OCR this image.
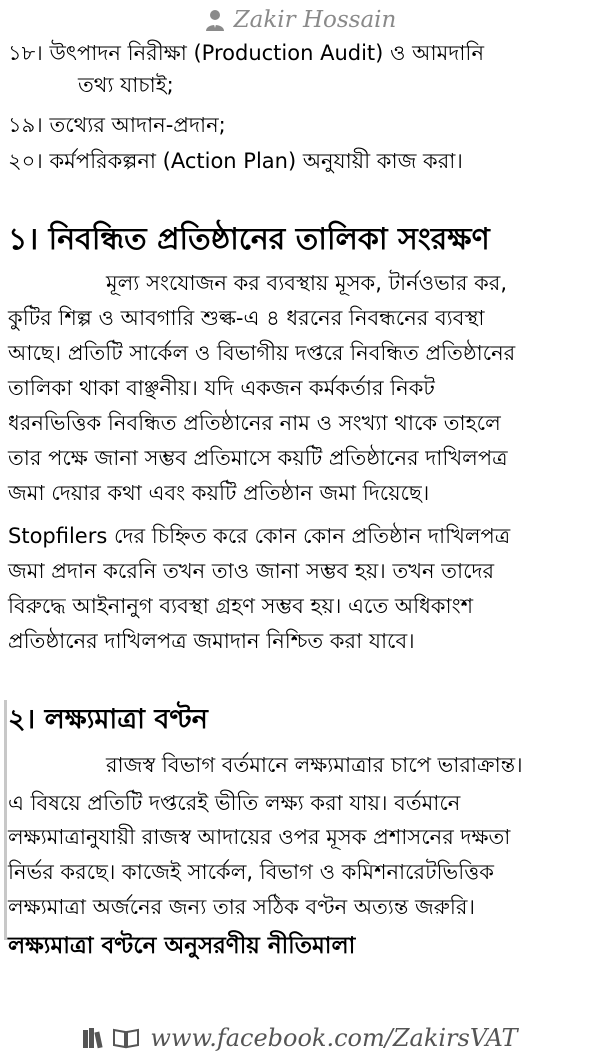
Zakir Hossain
১৮। উৎপাদন নিরীক্ষা (Production Audit) ও আমদানি
তথ্য যাচাই;
১৯। তথ্যের আদান-প্রদান;
২০। কর্মপরিকল্পনা (Action Plan) অনুযায়ী কাজ করা।
১। নিবন্ধিত প্রতিষ্ঠানের তালিকা সংরক্ষণ
মূল্য সংযোজন কর ব্যবস্থায় মূসক, টার্নওভার কর,
কুটির শিল্প ও আবগারি শুল্ক-এ ৪ ধরনের নিবন্ধনের ব্যবস্থা
আছে। প্রতিটি সার্কেল ও বিভাগীয় দপ্তরে নিবন্ধিত প্রতিষ্ঠানের
তালিকা থাকা বাঞ্ছনীয়। যদি একজন কর্মকর্তার নিকট
ধরনভিত্তিক নিবন্ধিত প্রতিষ্ঠানের নাম ও সংখ্যা থাকে তাহলে
তার পক্ষে জানা সম্ভব প্রতিমাসে কয়টি প্রতিষ্ঠানের দাখিলপত্র
জমা দেয়ার কথা এবং কয়টি প্রতিষ্ঠান জমা দিয়েছে।
Stopfilers দের চিহ্নিত করে কোন কোন প্রতিষ্ঠান দাখিলপত্র
জমা প্রদান করেনি তখন তাও জানা সম্ভব হয়। তখন তাদের
বিরুদ্ধে আইনানুগ ব্যবস্থা গ্রহণ সম্ভব হয়। এতে অধিকাংশ
প্রতিষ্ঠানের দাখিলপত্র জমাদান নিশ্চিত করা যাবে।
২। লক্ষ্যমাত্রা বণ্টন
রাজস্ব বিভাগ বর্তমানে লক্ষ্যমাত্রার চাপে ভারাক্রান্ত।
এ বিষয়ে প্রতিটি দপ্তরেই ভীতি লক্ষ্য করা যায়। বর্তমানে
লক্ষ্যমাত্রানুযায়ী রাজস্ব আদায়ের ওপর মূসক প্রশাসনের দক্ষতা
নির্ভর করছে। কাজেই সার্কেল, বিভাগ ও কমিশনারেটভিত্তিক
লক্ষ্যমাত্রা অর্জনের জন্য তার সঠিক বণ্টন অত্যন্ত জরুরি।
লক্ষ্যমাত্রা বণ্টনে অনুসরণীয় নীতিমালা
www.facebook.com/ZakirsVAT
